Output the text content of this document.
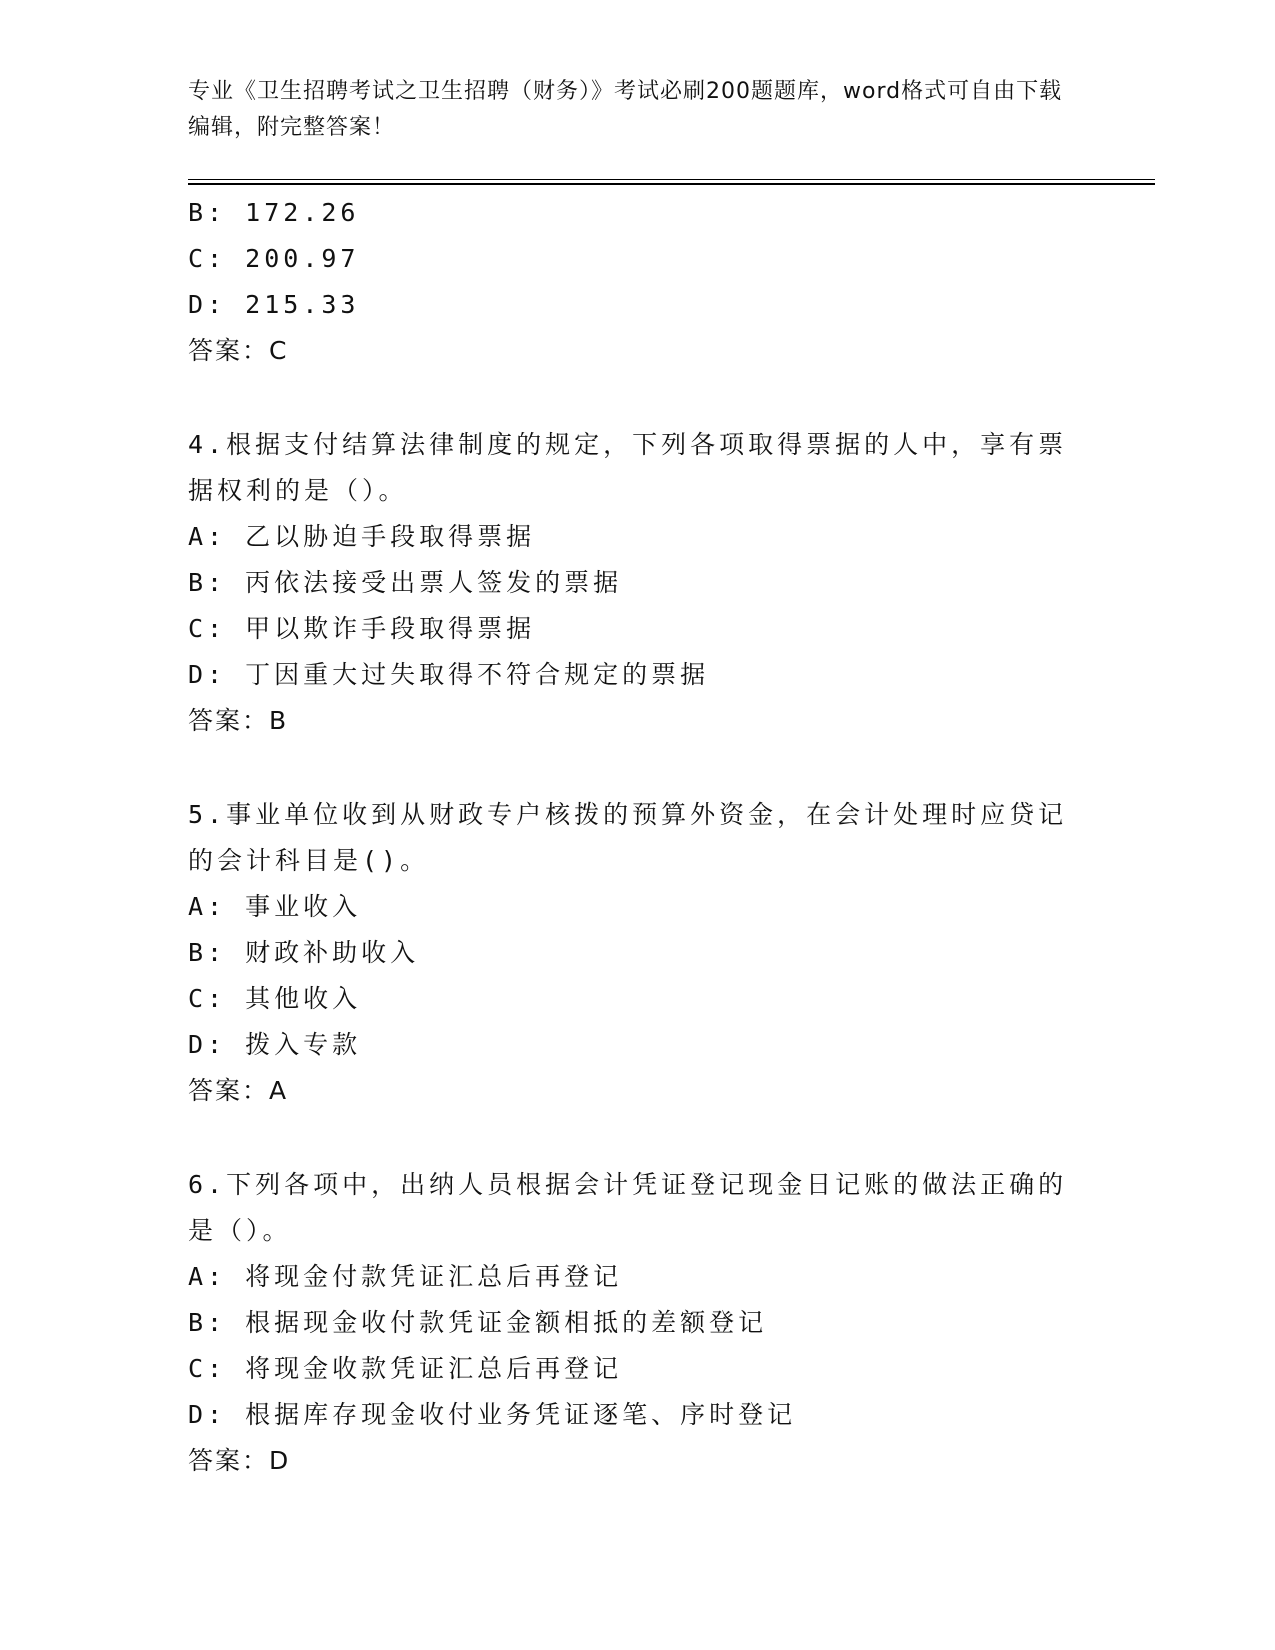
专业《卫生招聘考试之卫生招聘（财务）》考试必刷200题题库，word格式可自由下载编辑，附完整答案！
B: 172.26
C: 200.97
D: 215.33
答案：C
4.根据支付结算法律制度的规定，下列各项取得票据的人中，享有票
据权利的是（）。
A: 乙以胁迫手段取得票据
B: 丙依法接受出票人签发的票据
C: 甲以欺诈手段取得票据
D: 丁因重大过失取得不符合规定的票据
答案：B
5.事业单位收到从财政专户核拨的预算外资金，在会计处理时应贷记
的会计科目是()。
A: 事业收入
B: 财政补助收入
C: 其他收入
D: 拨入专款
答案：A
6.下列各项中，出纳人员根据会计凭证登记现金日记账的做法正确的
是（）。
A: 将现金付款凭证汇总后再登记
B: 根据现金收付款凭证金额相抵的差额登记
C: 将现金收款凭证汇总后再登记
D: 根据库存现金收付业务凭证逐笔、序时登记
答案：D
